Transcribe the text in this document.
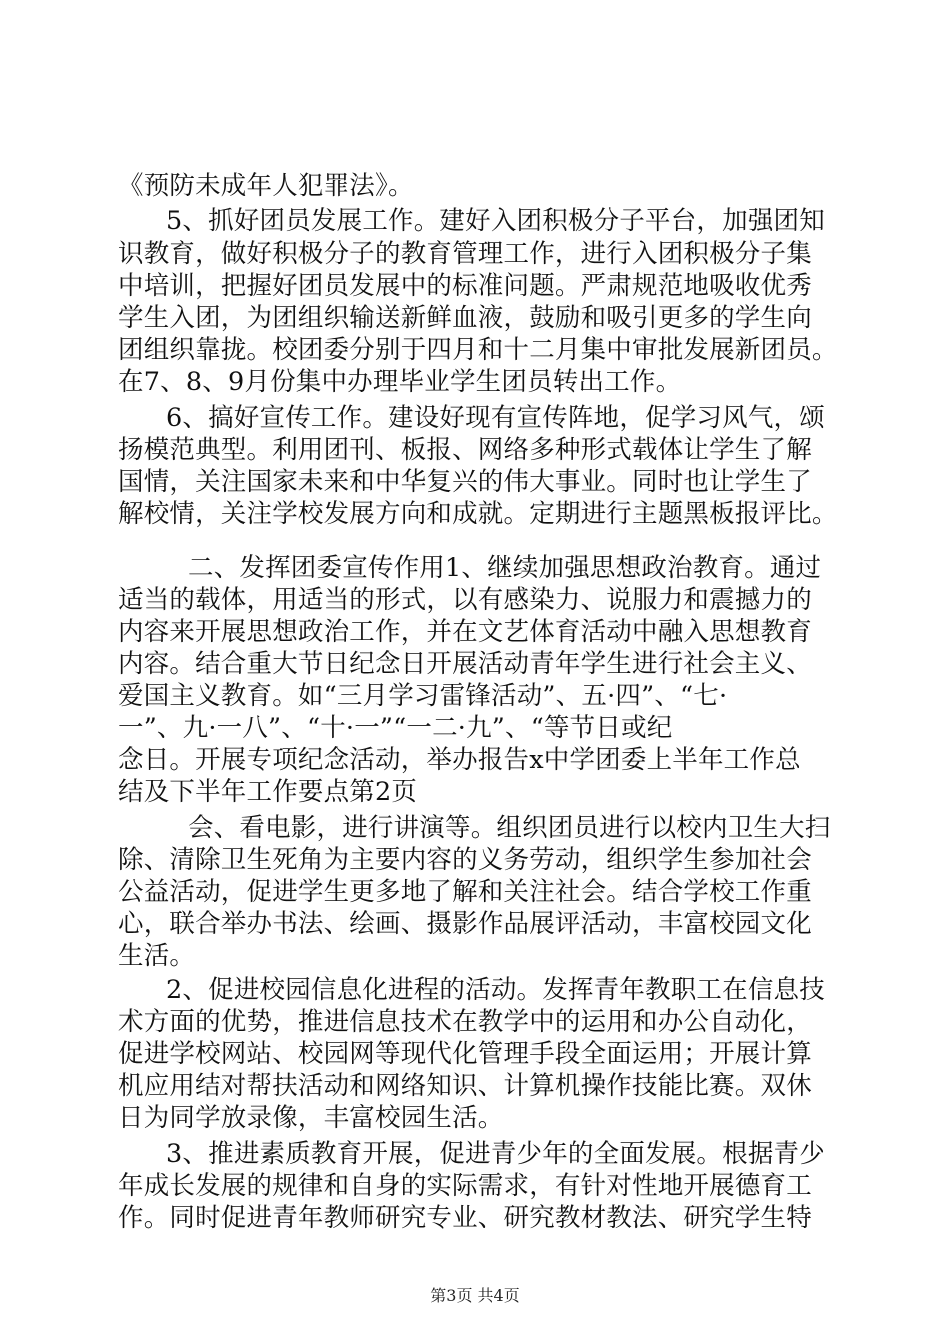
《预防未成年人犯罪法》。
5、抓好团员发展工作。建好入团积极分子平台，加强团知
识教育，做好积极分子的教育管理工作，进行入团积极分子集
中培训，把握好团员发展中的标准问题。严肃规范地吸收优秀
学生入团，为团组织输送新鲜血液，鼓励和吸引更多的学生向
团组织靠拢。校团委分别于四月和十二月集中审批发展新团员。
在7、8、9月份集中办理毕业学生团员转出工作。
6、搞好宣传工作。建设好现有宣传阵地，促学习风气，颂
扬模范典型。利用团刊、板报、网络多种形式载体让学生了解
国情，关注国家未来和中华复兴的伟大事业。同时也让学生了
解校情，关注学校发展方向和成就。定期进行主题黑板报评比。
二、发挥团委宣传作用1、继续加强思想政治教育。通过
适当的载体，用适当的形式，以有感染力、说服力和震撼力的
内容来开展思想政治工作，并在文艺体育活动中融入思想教育
内容。结合重大节日纪念日开展活动青年学生进行社会主义、
爱国主义教育。如“三月学习雷锋活动”、五·四”、“七·
一”、九·一八”、“十·一”“一二·九”、“等节日或纪
念日。开展专项纪念活动，举办报告x中学团委上半年工作总
结及下半年工作要点第2页
会、看电影，进行讲演等。组织团员进行以校内卫生大扫
除、清除卫生死角为主要内容的义务劳动，组织学生参加社会
公益活动，促进学生更多地了解和关注社会。结合学校工作重
心，联合举办书法、绘画、摄影作品展评活动，丰富校园文化
生活。
2、促进校园信息化进程的活动。发挥青年教职工在信息技
术方面的优势，推进信息技术在教学中的运用和办公自动化，
促进学校网站、校园网等现代化管理手段全面运用；开展计算
机应用结对帮扶活动和网络知识、计算机操作技能比赛。双休
日为同学放录像，丰富校园生活。
3、推进素质教育开展，促进青少年的全面发展。根据青少
年成长发展的规律和自身的实际需求，有针对性地开展德育工
作。同时促进青年教师研究专业、研究教材教法、研究学生特
第3页 共4页
